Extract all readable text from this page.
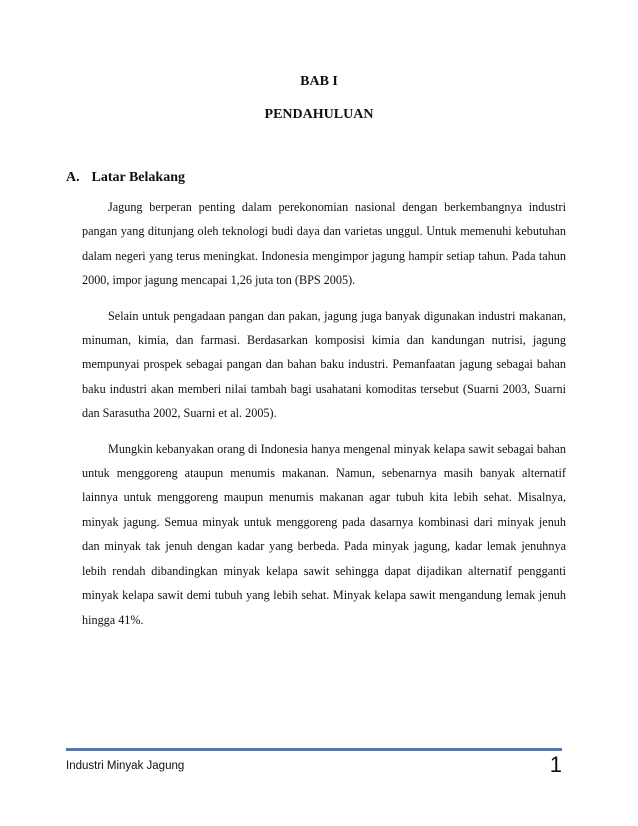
BAB I
PENDAHULUAN
A. Latar Belakang

Jagung berperan penting dalam perekonomian nasional dengan berkembangnya industri pangan yang ditunjang oleh teknologi budi daya dan varietas unggul. Untuk memenuhi kebutuhan dalam negeri yang terus meningkat. Indonesia mengimpor jagung hampir setiap tahun. Pada tahun 2000, impor jagung mencapai 1,26 juta ton (BPS 2005).

Selain untuk pengadaan pangan dan pakan, jagung juga banyak digunakan industri makanan, minuman, kimia, dan farmasi. Berdasarkan komposisi kimia dan kandungan nutrisi, jagung mempunyai prospek sebagai pangan dan bahan baku industri. Pemanfaatan jagung sebagai bahan baku industri akan memberi nilai tambah bagi usahatani komoditas tersebut (Suarni 2003, Suarni dan Sarasutha 2002, Suarni et al. 2005).

Mungkin kebanyakan orang di Indonesia hanya mengenal minyak kelapa sawit sebagai bahan untuk menggoreng ataupun menumis makanan. Namun, sebenarnya masih banyak alternatif lainnya untuk menggoreng maupun menumis makanan agar tubuh kita lebih sehat. Misalnya, minyak jagung. Semua minyak untuk menggoreng pada dasarnya kombinasi dari minyak jenuh dan minyak tak jenuh dengan kadar yang berbeda. Pada minyak jagung, kadar lemak jenuhnya lebih rendah dibandingkan minyak kelapa sawit sehingga dapat dijadikan alternatif pengganti minyak kelapa sawit demi tubuh yang lebih sehat. Minyak kelapa sawit mengandung lemak jenuh hingga 41%.

Industri Minyak Jagung	1
